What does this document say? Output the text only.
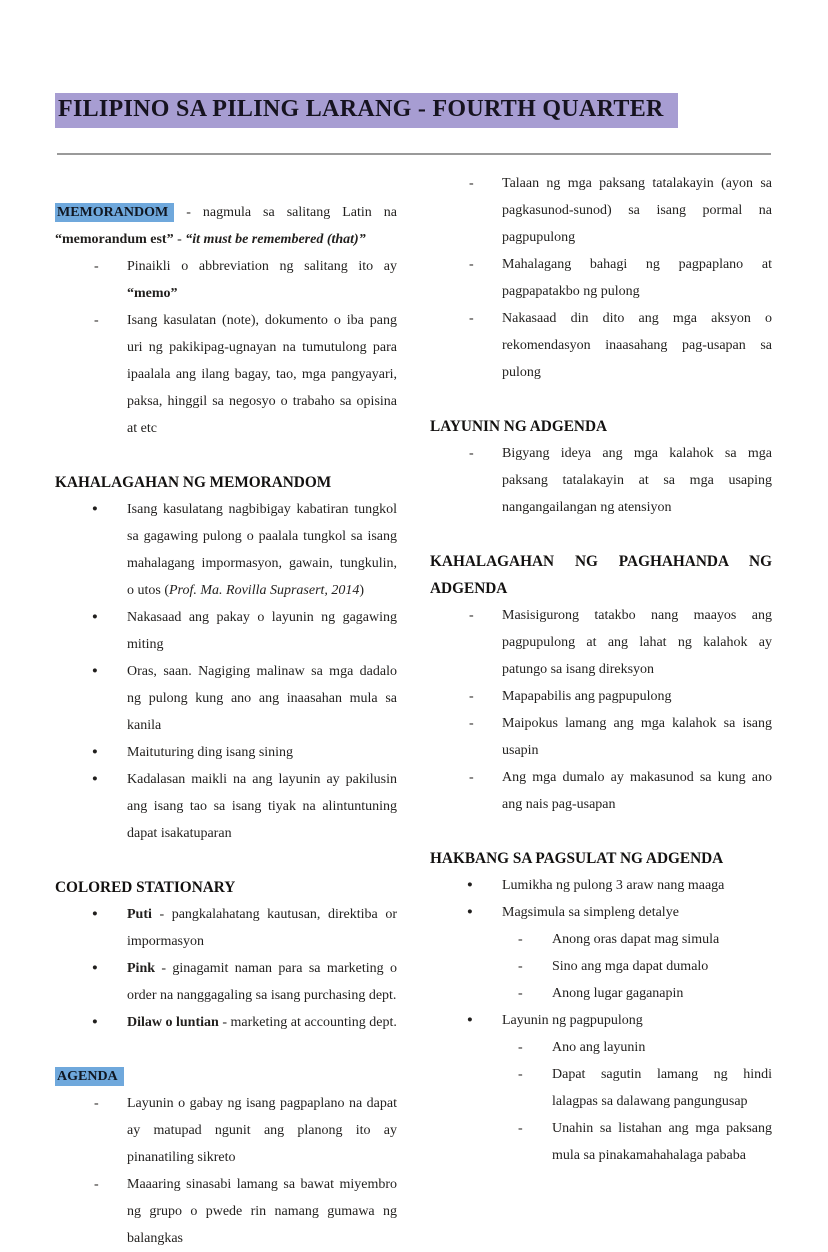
FILIPINO SA PILING LARANG - FOURTH QUARTER

MEMORANDOM - nagmula sa salitang Latin na “memorandum est” - “it must be remembered (that)”

- Pinaikli o abbreviation ng salitang ito ay “memo”
- Isang kasulatan (note), dokumento o iba pang uri ng pakikipag-ugnayan na tumutulong para ipaalala ang ilang bagay, tao, mga pangyayari, paksa, hinggil sa negosyo o trabaho sa opisina at etc
KAHALAGAHAN NG MEMORANDOM
● Isang kasulatang nagbibigay kabatiran tungkol sa gagawing pulong o paalala tungkol sa isang mahalagang impormasyon, gawain, tungkulin, o utos (Prof. Ma. Rovilla Suprasert, 2014)
● Nakasaad ang pakay o layunin ng gagawing miting
● Oras, saan. Nagiging malinaw sa mga dadalo ng pulong kung ano ang inaasahan mula sa kanila
● Maituturing ding isang sining
● Kadalasan maikli na ang layunin ay pakilusin ang isang tao sa isang tiyak na alintuntuning dapat isakatuparan
COLORED STATIONARY
● Puti - pangkalahatang kautusan, direktiba or impormasyon
● Pink - ginagamit naman para sa marketing o order na nanggagaling sa isang purchasing dept.
● Dilaw o luntian - marketing at accounting dept.
AGENDA
- Layunin o gabay ng isang pagpaplano na dapat ay matupad ngunit ang planong ito ay pinanatiling sikreto
- Maaaring sinasabi lamang sa bawat miyembro ng grupo o pwede rin namang gumawa ng balangkas
- Talaan ng mga paksang tatalakayin (ayon sa pagkasunod-sunod) sa isang pormal na pagpupulong
- Mahalagang bahagi ng pagpaplano at pagpapatakbo ng pulong
- Nakasaad din dito ang mga aksyon o rekomendasyon inaasahang pag-usapan sa pulong
LAYUNIN NG ADGENDA
- Bigyang ideya ang mga kalahok sa mga paksang tatalakayin at sa mga usaping nangangailangan ng atensiyon
KAHALAGAHAN NG PAGHAHANDA NG
ADGENDA
- Masisigurong tatakbo nang maayos ang pagpupulong at ang lahat ng kalahok ay patungo sa isang direksyon
- Mapapabilis ang pagpupulong
- Maipokus lamang ang mga kalahok sa isang usapin
- Ang mga dumalo ay makasunod sa kung ano ang nais pag-usapan
HAKBANG SA PAGSULAT NG ADGENDA
● Lumikha ng pulong 3 araw nang maaga
● Magsimula sa simpleng detalye
- Anong oras dapat mag simula
- Sino ang mga dapat dumalo
- Anong lugar gaganapin
● Layunin ng pagpupulong
- Ano ang layunin
- Dapat sagutin lamang ng hindi lalagpas sa dalawang pangungusap
- Unahin sa listahan ang mga paksang mula sa pinakamahahalaga pababa
